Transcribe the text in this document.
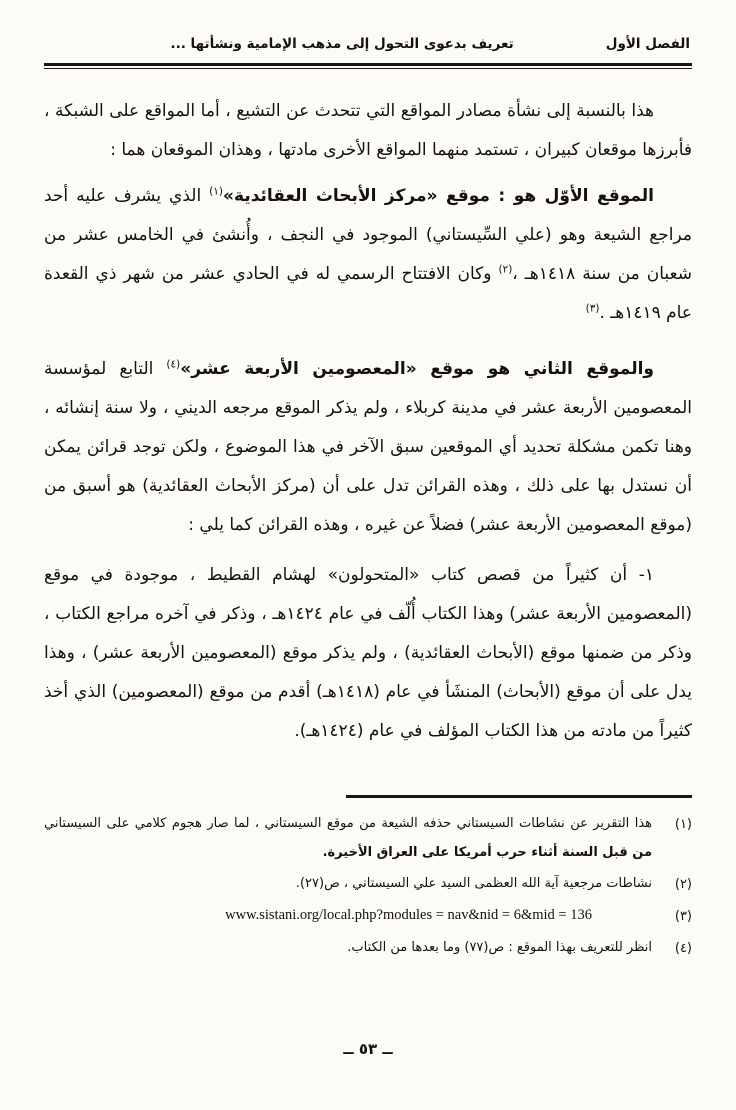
تعريف بدعوى التحول إلى مذهب الإمامية ونشأتها ...	الفصل الأول

هذا بالنسبة إلى نشأة مصادر المواقع التي تتحدث عن التشيع ، أما المواقع على الشبكة ، فأبرزها موقعان كبيران ، تستمد منهما المواقع الأخرى مادتها ، وهذان الموقعان هما :

الموقع الأوّل هو : موقع «مركز الأبحاث العقائدية»$^{(١)}$ الذي يشرف عليه أحد مراجع الشيعة وهو (علي السِّيستاني) الموجود في النجف ، وأُنشئ في الخامس عشر من شعبان من سنة ١٤١٨هـ ،$^{(٢)}$ وكان الافتتاح الرسمي له في الحادي عشر من شهر ذي القعدة عام ١٤١٩هـ .$^{(٣)}$

والموقع الثاني هو موقع «المعصومين الأربعة عشر»$^{(٤)}$ التابع لمؤسسة المعصومين الأربعة عشر في مدينة كربلاء ، ولم يذكر الموقع مرجعه الديني ، ولا سنة إنشائه ، وهنا تكمن مشكلة تحديد أي الموقعين سبق الآخر في هذا الموضوع ، ولكن توجد قرائن يمكن أن نستدل بها على ذلك ، وهذه القرائن تدل على أن (مركز الأبحاث العقائدية) هو أسبق من (موقع المعصومين الأربعة عشر) فضلاً عن غيره ، وهذه القرائن كما يلي :

١- أن كثيراً من قصص كتاب «المتحولون» لهشام القطيط ، موجودة في موقع (المعصومين الأربعة عشر) وهذا الكتاب أُلّف في عام ١٤٢٤هـ ، وذكر في آخره مراجع الكتاب ، وذكر من ضمنها موقع (الأبحاث العقائدية) ، ولم يذكر موقع (المعصومين الأربعة عشر) ، وهذا يدل على أن موقع (الأبحاث) المنشَأ في عام (١٤١٨هـ) أقدم من موقع (المعصومين) الذي أخذ كثيراً من مادته من هذا الكتاب المؤلف في عام (١٤٢٤هـ).

(١)
هذا التقرير عن نشاطات السيستاني حذفه الشيعة من موقع السيستاني ، لما صار هجوم كلامي على السيستاني من قبل السنة أثناء حرب أمريكا على العراق الأخيرة.
(٢)
نشاطات مرجعية آية الله العظمى السيد علي السيستاني ، ص(٢٧).
(٣)
www.sistani.org/local.php?modules = nav&nid = 6&mid = 136
(٤)
انظر للتعريف بهذا الموقع : ص(٧٧) وما بعدها من الكتاب.
ــ ٥٣ ــ
